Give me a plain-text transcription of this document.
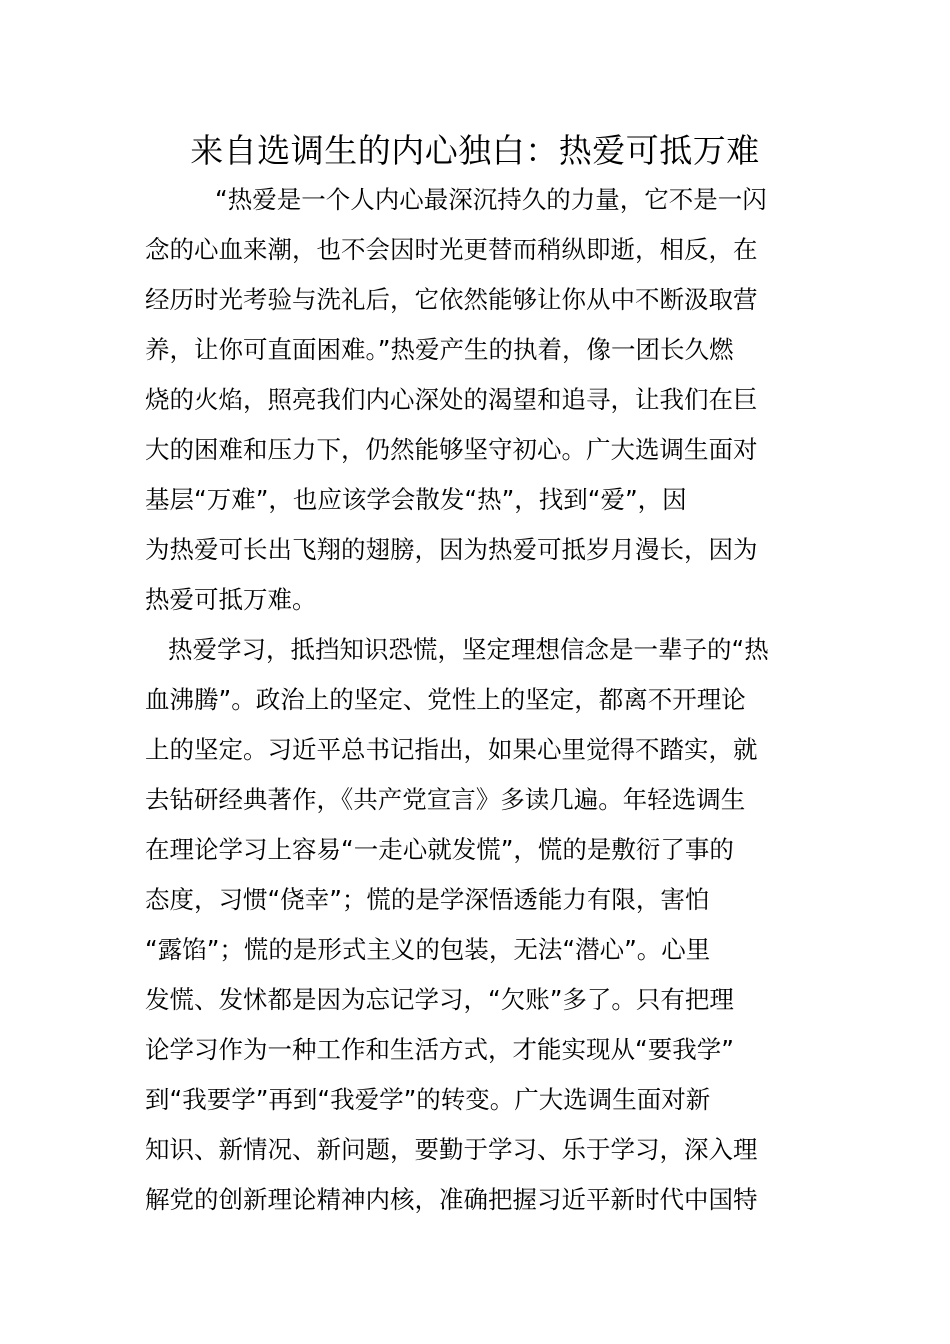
来自选调生的内心独白：热爱可抵万难

“热爱是一个人内心最深沉持久的力量，它不是一闪

念的心血来潮，也不会因时光更替而稍纵即逝，相反，在

经历时光考验与洗礼后，它依然能够让你从中不断汲取营

养，让你可直面困难。”热爱产生的执着，像一团长久燃

烧的火焰，照亮我们内心深处的渴望和追寻，让我们在巨

大的困难和压力下，仍然能够坚守初心。广大选调生面对

基层“万难”，也应该学会散发“热”，找到“爱”，因

为热爱可长出飞翔的翅膀，因为热爱可抵岁月漫长，因为

热爱可抵万难。

热爱学习，抵挡知识恐慌，坚定理想信念是一辈子的“热

血沸腾”。政治上的坚定、党性上的坚定，都离不开理论

上的坚定。习近平总书记指出，如果心里觉得不踏实，就

去钻研经典著作，《共产党宣言》多读几遍。年轻选调生

在理论学习上容易“一走心就发慌”，慌的是敷衍了事的

态度，习惯“侥幸”；慌的是学深悟透能力有限，害怕

“露馅”；慌的是形式主义的包装，无法“潜心”。心里

发慌、发怵都是因为忘记学习，“欠账”多了。只有把理

论学习作为一种工作和生活方式，才能实现从“要我学”

到“我要学”再到“我爱学”的转变。广大选调生面对新

知识、新情况、新问题，要勤于学习、乐于学习，深入理

解党的创新理论精神内核，准确把握习近平新时代中国特
